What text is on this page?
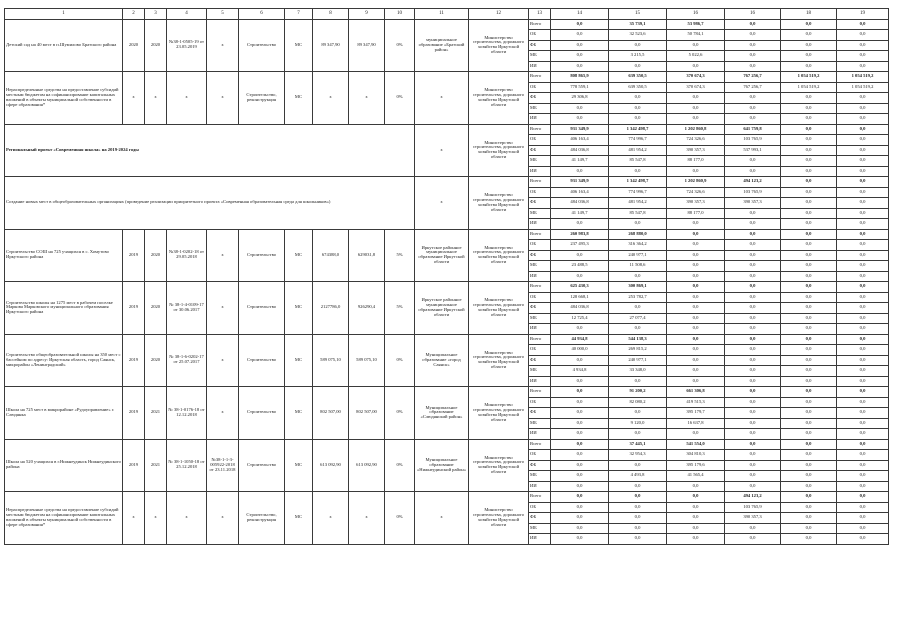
1	2	3	4	5	6	7	8	9	10	11	12	13	14	15	16	16	18	19
Детский сад на 40 мест в п.Шумилово Братского района	2020	2020	№38-1-0505-19 от 23.05.2019	х	Строительство	МС	89 347,90	89 347,90	0%	муниципальное образование «Братский район»	Министерство строительства, дорожного хозяйства Иркутской области	Всего	0,0	35 739,1	53 986,7	0,0	0,0	0,0
												ОБ	0,0	32 523,6	50 784,1	0,0	0,0	0,0
												ФБ	0,0	0,0	0,0	0,0	0,0	0,0
												МБ	0,0	3 215,5	5 022,6	0,0	0,0	0,0
												ИИ	0,0	0,0	0,0	0,0	0,0	0,0
Нераспределенные средства на предоставление субсидий местным бюджетам на софинансирование капитальных вложений в объекты муниципальной собственности в сфере образования*	х	х	х	х	Строительство, реконструкция	МС	х	х	0%	х	Министерство строительства, дорожного хозяйства Иркутской области	Всего	808 865,9	639 350,5	370 674,3	767 256,7	1 054 519,2	1 054 519,2
												ОБ	778 559,1	639 350,5	370 674,3	767 256,7	1 054 519,2	1 054 519,2
												ФБ	29 306,8	0,0	0,0	0,0	0,0	0,0
												МБ	0,0	0,0	0,0	0,0	0,0	0,0
												ИИ	0,0	0,0	0,0	0,0	0,0	0,0
Региональный проект «Современная школа» на 2019-2024 годы										х	Министерство строительства, дорожного хозяйства Иркутской области	Всего	931 349,9	1 342 498,7	1 202 860,8	641 759,8	0,0	0,0
												ОБ	406 163,4	774 996,7	724 326,6	103 765,9	0,0	0,0
												ФБ	484 036,8	481 954,2	390 357,3	537 993,1	0,0	0,0
												МБ	41 149,7	85 547,8	88 177,0	0,0	0,0	0,0
												ИИ	0,0	0,0	0,0	0,0	0,0	0,0
Создание новых мест в общеобразовательных организациях (проведение реализации приоритетного проекта «Современная образовательная среда для школьников»)										х	Министерство строительства, дорожного хозяйства Иркутской области	Всего	931 349,9	1 342 498,7	1 202 860,9	494 123,2	0,0	0,0
												ОБ	406 163,4	774 996,7	724 326,6	103 765,9	0,0	0,0
												ФБ	484 036,8	481 954,2	390 357,3	390 357,3	0,0	0,0
												МБ	41 149,7	85 547,8	88 177,0	0,0	0,0	0,0
												ИИ	0,0	0,0	0,0	0,0	0,0	0,0
Строительство СОШ на 725 учащихся в с. Хомутово Иркутского района	2019	2020	№38-1-0202-18 от 29.05.2018	х	Строительство	МС	674388,0	629031,8	5%	Иркутское районное муниципальное образование Иркутской области	Министерство строительства, дорожного хозяйства Иркутской области	Всего	260 983,8	268 880,0	0,0	0,0	0,0	0,0
												ОБ	237 495,3	316 364,2	0,0	0,0	0,0	0,0
												ФБ	0,0	240 977,1	0,0	0,0	0,0	0,0
												МБ	23 488,5	11 508,6	0,0	0,0	0,0	0,0
												ИИ	0,0	0,0	0,0	0,0	0,0	0,0
Строительство школы на 1275 мест в рабочем поселке Маркова Марковского муниципального образования Иркутского района	2019	2020	№ 38-1-4-0109-17 от 30.06.2017	х	Строительство	МС	2127786,0	926290,4	5%	Иркутское районное муниципальное образование Иркутской области	Министерство строительства, дорожного хозяйства Иркутской области	Всего	625 430,3	300 869,1	0,0	0,0	0,0	0,0
												ОБ	128 668,1	253 782,7	0,0	0,0	0,0	0,0
												ФБ	484 036,8	0,0	0,0	0,0	0,0	0,0
												МБ	12 725,4	27 077,4	0,0	0,0	0,0	0,0
												ИИ	0,0	0,0	0,0	0,0	0,0	0,0
Строительство общеобразовательной школы на 350 мест с бассейном по адресу: Иркутская область, город Саянск, микрорайон «Ленинградский»	2019	2020	№ 38-1-6-0202-17 от 25.07.2017	х	Строительство	МС	589 075,10	589 075,10	0%	Муниципальное образование «город Саянск»	Министерство строительства, дорожного хозяйства Иркутской области	Всего	44 934,8	544 138,3	0,0	0,0	0,0	0,0
												ОБ	40 000,0	269 815,2	0,0	0,0	0,0	0,0
												ФБ	0,0	240 977,1	0,0	0,0	0,0	0,0
												МБ	4 934,8	33 348,0	0,0	0,0	0,0	0,0
												ИИ	0,0	0,0	0,0	0,0	0,0	0,0
Школа на 725 мест в микрорайоне «Рудоуправление» г. Слюдянка	2019	2021	№ 38-1-0176-18 от 12.12.2018	х	Строительство	МС	802 507,00	802 507,00	0%	Муниципальное образование «Слюдянский район»	Министерство строительства, дорожного хозяйства Иркутской области	Всего	0,0	91 200,2	661 306,8	0,0	0,0	0,0
												ОБ	0,0	82 080,2	419 515,3	0,0	0,0	0,0
												ФБ	0,0	0,0	395 179,7	0,0	0,0	0,0
												МБ	0,0	9 120,0	16 637,8	0,0	0,0	0,0
												ИИ	0,0	0,0	0,0	0,0	0,0	0,0
Школа на 520 учащихся в г.Нижнеудинск Нижнеудинского района	2019	2021	№ 38-1-1050-18 от 25.12.2018	№38-1-1-3-005922-2018 от 23.11.2018	Строительство	МС	613 092,90	613 092,90	0%	Муниципальное образование «Нижнеудинский район»	Министерство строительства, дорожного хозяйства Иркутской области	Всего	0,0	37 445,1	541 554,0	0,0	0,0	0,0
												ОБ	0,0	32 954,3	304 810,3	0,0	0,0	0,0
												ФБ	0,0	0,0	395 179,6	0,0	0,0	0,0
												МБ	0,0	4 493,8	41 565,4	0,0	0,0	0,0
												ИИ	0,0	0,0	0,0	0,0	0,0	0,0
Нераспределенные средства на предоставление субсидий местным бюджетам на софинансирование капитальных вложений в объекты муниципальной собственности в сфере образования*	х	х	х	х	Строительство, реконструкция	МС	х	х	0%	х	Министерство строительства, дорожного хозяйства Иркутской области	Всего	0,0	0,0	0,0	494 123,2	0,0	0,0
												ОБ	0,0	0,0	0,0	103 765,9	0,0	0,0
												ФБ	0,0	0,0	0,0	390 357,3	0,0	0,0
												МБ	0,0	0,0	0,0	0,0	0,0	0,0
												ИИ	0,0	0,0	0,0	0,0	0,0	0,0
